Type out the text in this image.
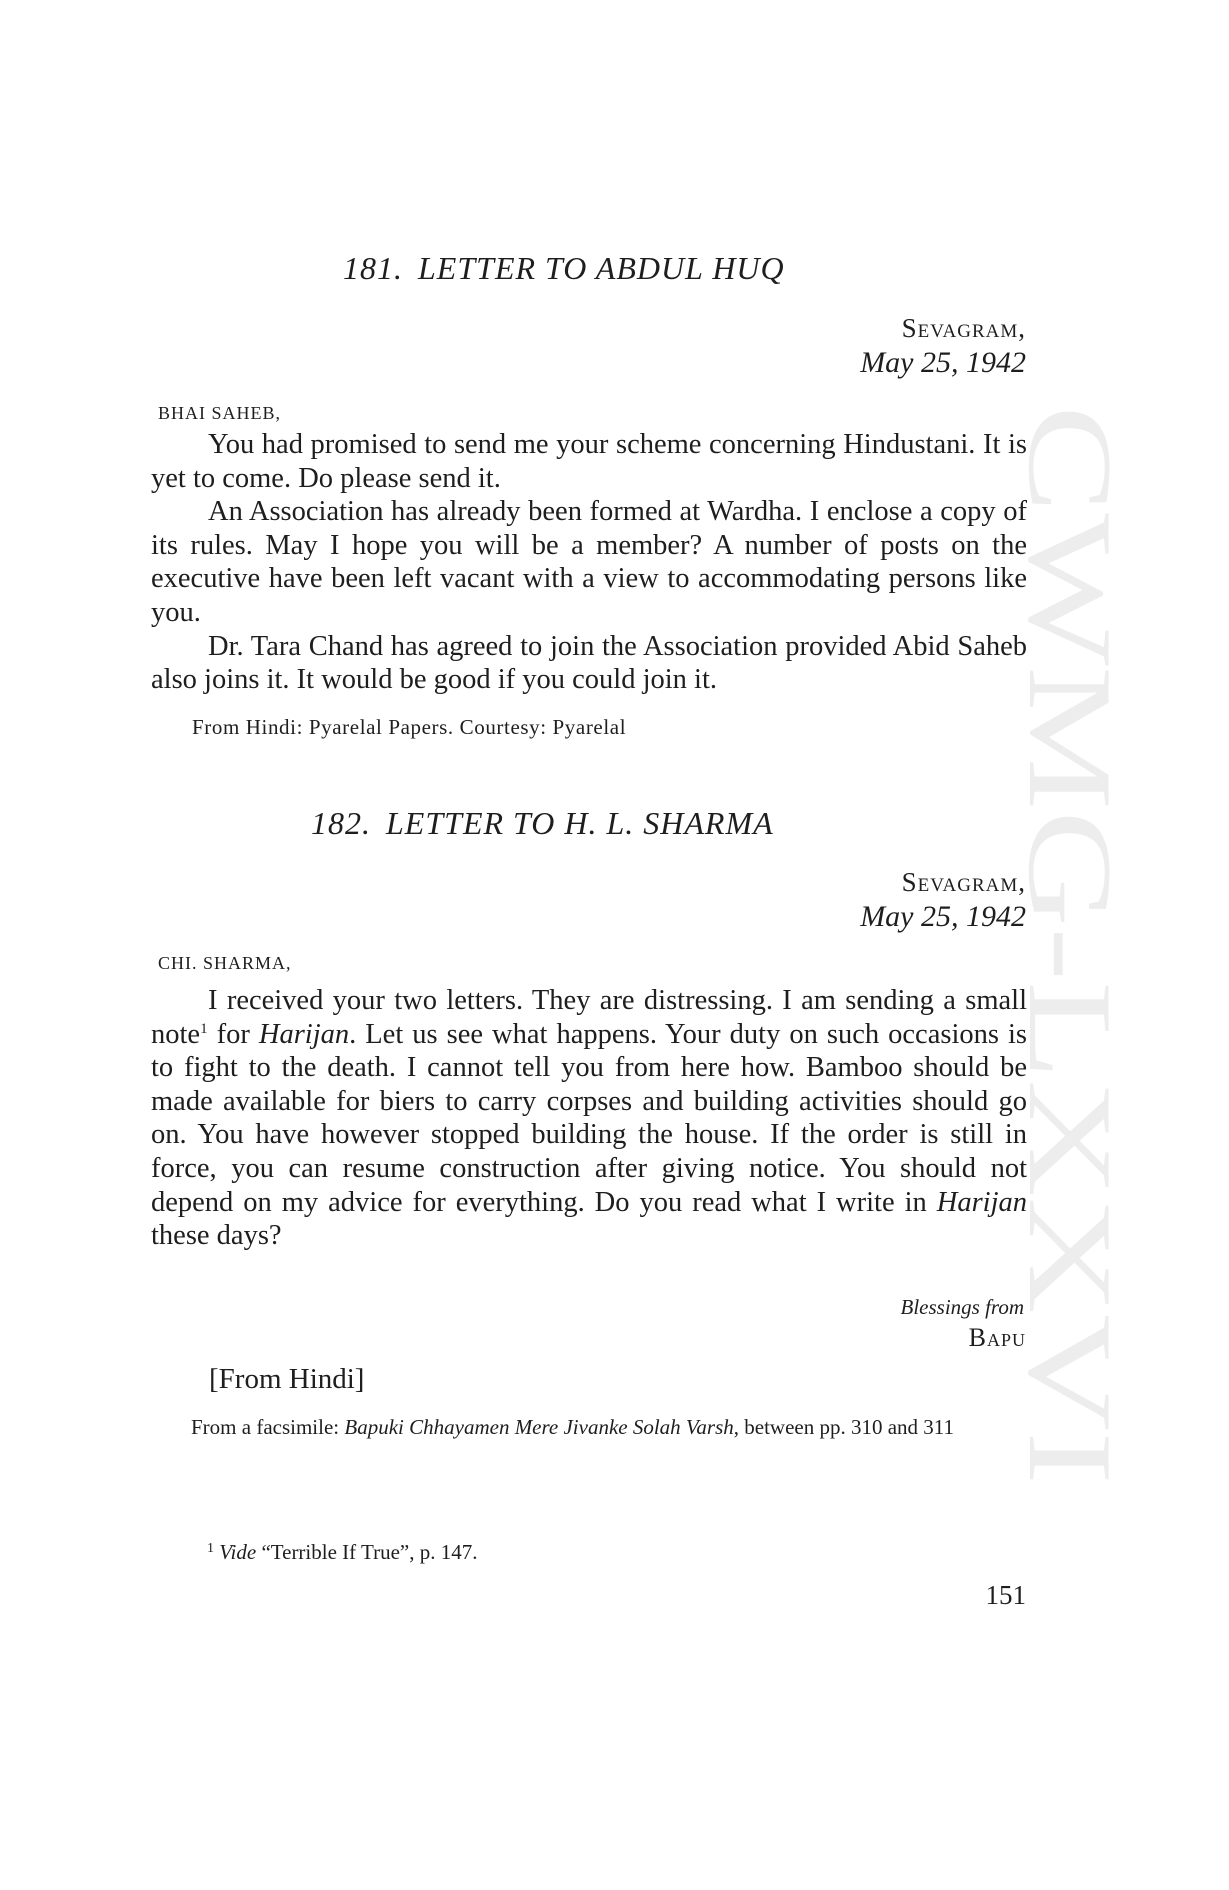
CWMG-LXXVI
181. LETTER TO ABDUL HUQ
Sevagram,
May 25, 1942
BHAI SAHEB,

You had promised to send me your scheme concerning Hindustani. It is yet to come. Do please send it.

An Association has already been formed at Wardha. I enclose a copy of its rules. May I hope you will be a member? A number of posts on the executive have been left vacant with a view to accommodating persons like you.

Dr. Tara Chand has agreed to join the Association provided Abid Saheb also joins it. It would be good if you could join it.

From Hindi: Pyarelal Papers. Courtesy: Pyarelal
182. LETTER TO H. L. SHARMA
Sevagram,
May 25, 1942
CHI. SHARMA,

I received your two letters. They are distressing. I am sending a small note$^1$ for Harijan. Let us see what happens. Your duty on such occasions is to fight to the death. I cannot tell you from here how. Bamboo should be made available for biers to carry corpses and building activities should go on. You have however stopped building the house. If the order is still in force, you can resume construction after giving notice. You should not depend on my advice for everything. Do you read what I write in Harijan these days?

Blessings from
Bapu
[From Hindi]
From a facsimile: Bapuki Chhayamen Mere Jivanke Solah Varsh, between pp. 310 and 311
$^1$ Vide “Terrible If True”, p. 147.
151
